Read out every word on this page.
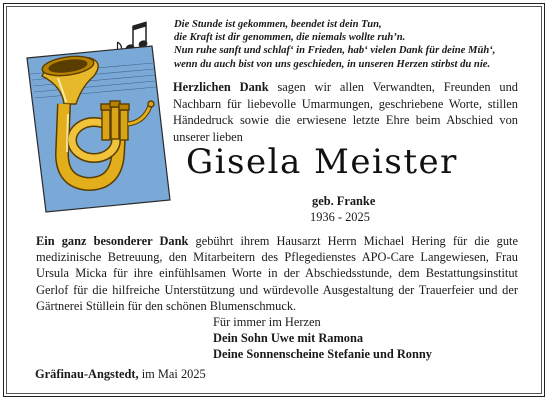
Die Stunde ist gekommen, beendet ist dein Tun,
die Kraft ist dir genommen, die niemals wollte ruh’n.
Nun ruhe sanft und schlaf‘ in Frieden, hab‘ vielen Dank für deine Müh‘,
wenn du auch bist von uns geschieden, in unseren Herzen stirbst du nie.
Herzlichen Dank sagen wir allen Verwandten, Freunden und Nachbarn für liebevolle Umarmungen, geschriebene Worte, stillen Händedruck sowie die erwiesene letzte Ehre beim Abschied von unserer lieben
Gisela Meister
geb. Franke
1936 - 2025
Ein ganz besonderer Dank gebührt ihrem Hausarzt Herrn Michael Hering für die gute medizinische Betreuung, den Mitarbeitern des Pflegedienstes APO-Care Langewiesen, Frau Ursula Micka für ihre einfühlsamen Worte in der Abschiedsstunde, dem Bestattungsinstitut Gerlof für die hilfreiche Unterstützung und würdevolle Ausgestaltung der Trauerfeier und der Gärtnerei Stüllein für den schönen Blumenschmuck.
Für immer im Herzen
Dein Sohn Uwe mit Ramona
Deine Sonnenscheine Stefanie und Ronny
Gräfinau-Angstedt, im Mai 2025
